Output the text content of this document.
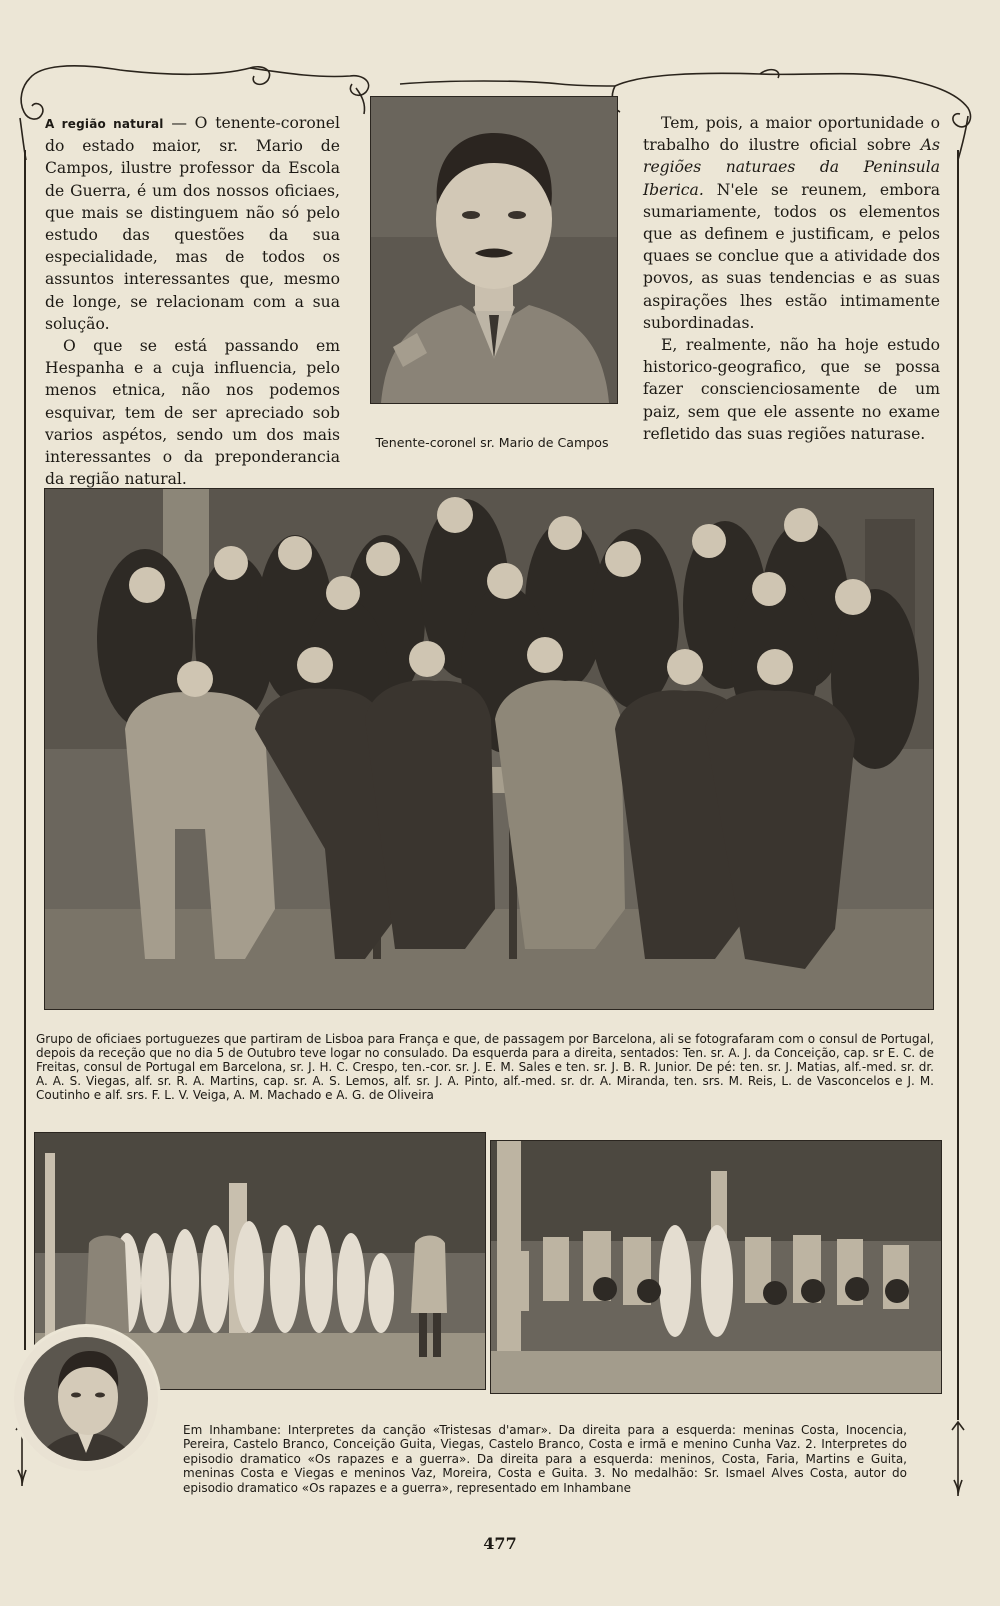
A região natural — O tenente-coronel do estado maior, sr. Mario de Campos, ilustre professor da Escola de Guerra, é um dos nossos oficiaes, que mais se distinguem não só pelo estudo das questões da sua especialidade, mas de todos os assuntos interessantes que, mesmo de longe, se relacionam com a sua solução.

O que se está passando em Hespanha e a cuja influencia, pelo menos etnica, não nos podemos esquivar, tem de ser apreciado sob varios aspétos, sendo um dos mais interessantes o da preponderancia da região natural.

Tenente-coronel sr. Mario de Campos

Tem, pois, a maior oportunidade o trabalho do ilustre oficial sobre As regiões naturaes da Peninsula Iberica. N'ele se reunem, embora sumariamente, todos os elementos que as definem e justificam, e pelos quaes se conclue que a atividade dos povos, as suas tendencias e as suas aspirações lhes estão intimamente subordinadas.

E, realmente, não ha hoje estudo historico-geografico, que se possa fazer conscienciosamente de um paiz, sem que ele assente no exame refletido das suas regiões naturase.

Grupo de oficiaes portuguezes que partiram de Lisboa para França e que, de passagem por Barcelona, ali se fotografaram com o consul de Portugal, depois da receção que no dia 5 de Outubro teve logar no consulado. Da esquerda para a direita, sentados: Ten. sr. A. J. da Conceição, cap. sr E. C. de Freitas, consul de Portugal em Barcelona, sr. J. H. C. Crespo, ten.-cor. sr. J. E. M. Sales e ten. sr. J. B. R. Junior. De pé: ten. sr. J. Matias, alf.-med. sr. dr. A. A. S. Viegas, alf. sr. R. A. Martins, cap. sr. A. S. Lemos, alf. sr. J. A. Pinto, alf.-med. sr. dr. A. Miranda, ten. srs. M. Reis, L. de Vasconcelos e J. M. Coutinho e alf. srs. F. L. V. Veiga, A. M. Machado e A. G. de Oliveira
Em Inhambane: Interpretes da canção «Tristesas d'amar». Da direita para a esquerda: meninas Costa, Inocencia, Pereira, Castelo Branco, Conceição Guita, Viegas, Castelo Branco, Costa e irmã e menino Cunha Vaz. 2. Interpretes do episodio dramatico «Os rapazes e a guerra». Da direita para a esquerda: meninos, Costa, Faria, Martins e Guita, meninas Costa e Viegas e meninos Vaz, Moreira, Costa e Guita. 3. No medalhão: Sr. Ismael Alves Costa, autor do episodio dramatico «Os rapazes e a guerra», representado em Inhambane
477
